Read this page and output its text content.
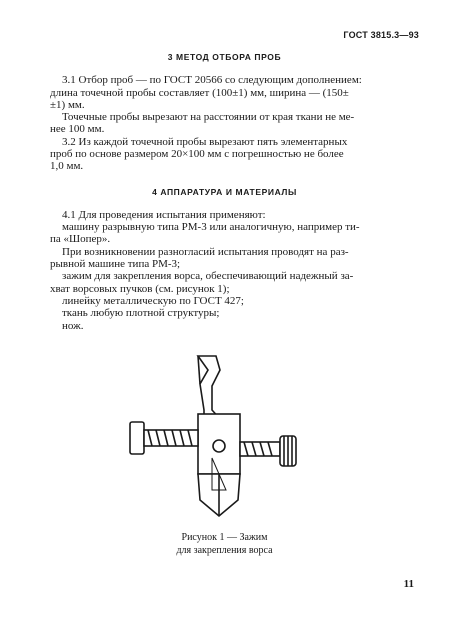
ГОСТ 3815.3—93
3 МЕТОД ОТБОРА ПРОБ
3.1 Отбор проб — по ГОСТ 20566 со следующим дополнением:
длина точечной пробы составляет (100±1) мм, ширина — (150±
±1) мм.
Точечные пробы вырезают на расстоянии от края ткани не ме-
нее 100 мм.
3.2 Из каждой точечной пробы вырезают пять элементарных
проб по основе размером 20×100 мм с погрешностью не более
1,0 мм.
4 АППАРАТУРА И МАТЕРИАЛЫ
4.1 Для проведения испытания применяют:
машину разрывную типа РМ-3 или аналогичную, например ти-
па «Шопер».
При возникновении разногласий испытания проводят на раз-
рывной машине типа РМ-3;
зажим для закрепления ворса, обеспечивающий надежный за-
хват ворсовых пучков (см. рисунок 1);
линейку металлическую по ГОСТ 427;
ткань любую плотной структуры;
нож.
Рисунок 1 — Зажим
для закрепления ворса
11
